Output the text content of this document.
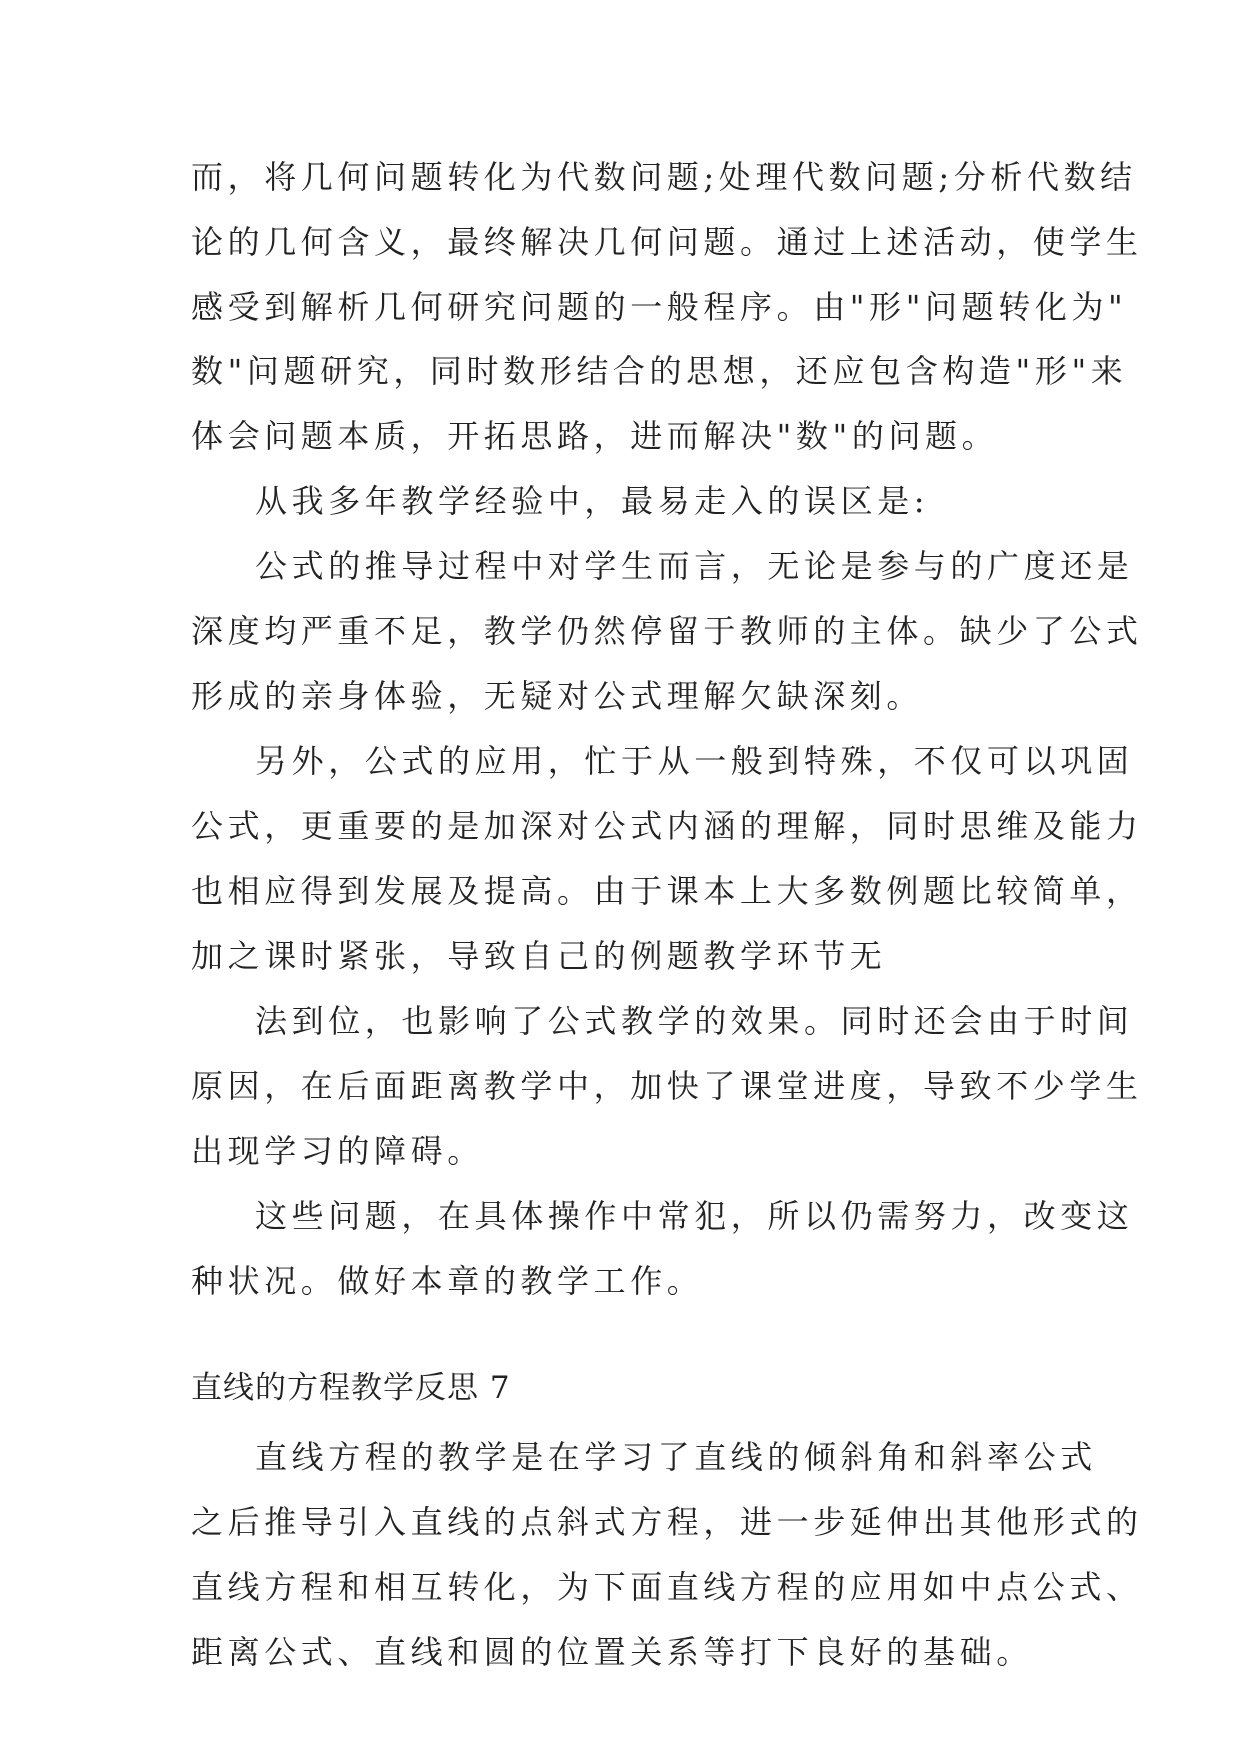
而，将几何问题转化为代数问题;处理代数问题;分析代数结
论的几何含义，最终解决几何问题。通过上述活动，使学生
感受到解析几何研究问题的一般程序。由"形"问题转化为"
数"问题研究，同时数形结合的思想，还应包含构造"形"来
体会问题本质，开拓思路，进而解决"数"的问题。
从我多年教学经验中，最易走入的误区是:
公式的推导过程中对学生而言，无论是参与的广度还是
深度均严重不足，教学仍然停留于教师的主体。缺少了公式
形成的亲身体验，无疑对公式理解欠缺深刻。
另外，公式的应用，忙于从一般到特殊，不仅可以巩固
公式，更重要的是加深对公式内涵的理解，同时思维及能力
也相应得到发展及提高。由于课本上大多数例题比较简单，
加之课时紧张，导致自己的例题教学环节无
法到位，也影响了公式教学的效果。同时还会由于时间
原因，在后面距离教学中，加快了课堂进度，导致不少学生
出现学习的障碍。
这些问题，在具体操作中常犯，所以仍需努力，改变这
种状况。做好本章的教学工作。
直线的方程教学反思 7
直线方程的教学是在学习了直线的倾斜角和斜率公式
之后推导引入直线的点斜式方程，进一步延伸出其他形式的
直线方程和相互转化，为下面直线方程的应用如中点公式、
距离公式、直线和圆的位置关系等打下良好的基础。
